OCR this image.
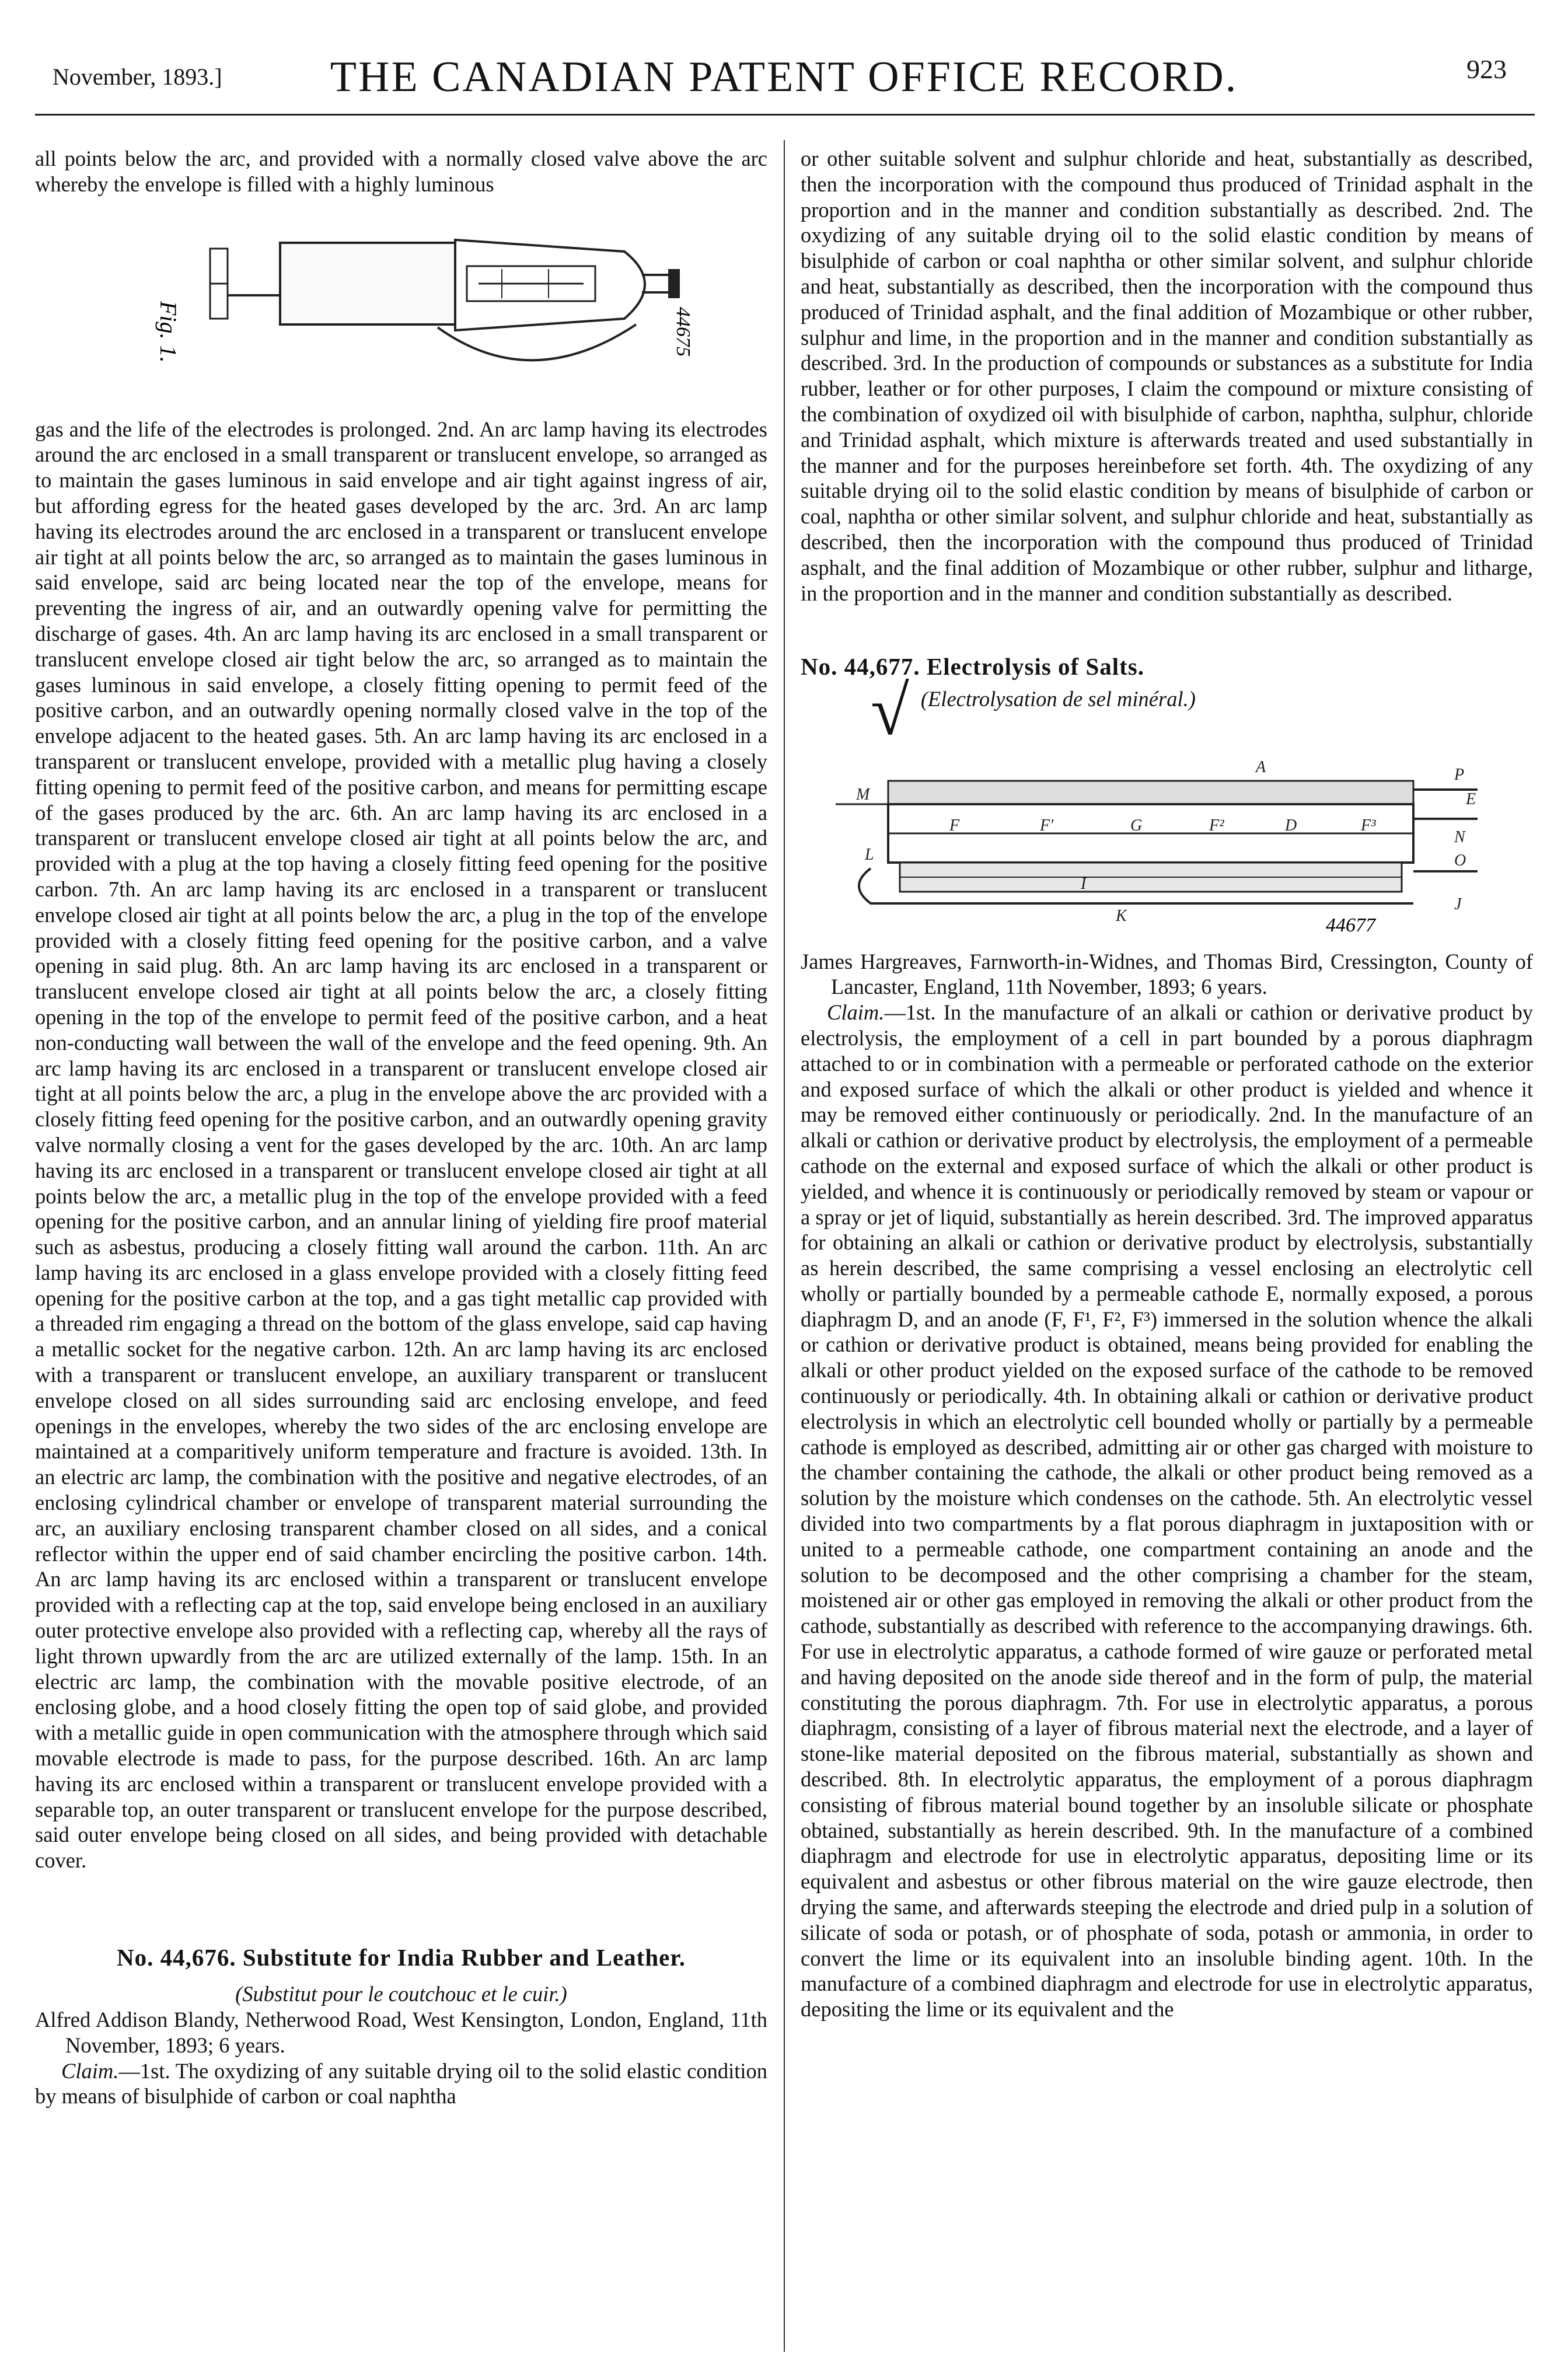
November, 1893.]	THE CANADIAN PATENT OFFICE RECORD.	923

all points below the arc, and provided with a normally closed valve above the arc whereby the envelope is filled with a highly luminous

Fig. 1.	44675

gas and the life of the electrodes is prolonged. 2nd. An arc lamp having its electrodes around the arc enclosed in a small transparent or translucent envelope, so arranged as to maintain the gases luminous in said envelope and air tight against ingress of air, but affording egress for the heated gases developed by the arc. 3rd. An arc lamp having its electrodes around the arc enclosed in a transparent or translucent envelope air tight at all points below the arc, so arranged as to maintain the gases luminous in said envelope, said arc being located near the top of the envelope, means for preventing the ingress of air, and an outwardly opening valve for permitting the discharge of gases. 4th. An arc lamp having its arc enclosed in a small transparent or translucent envelope closed air tight below the arc, so arranged as to maintain the gases luminous in said envelope, a closely fitting opening to permit feed of the positive carbon, and an outwardly opening normally closed valve in the top of the envelope adjacent to the heated gases. 5th. An arc lamp having its arc enclosed in a transparent or translucent envelope, provided with a metallic plug having a closely fitting opening to permit feed of the positive carbon, and means for permitting escape of the gases produced by the arc. 6th. An arc lamp having its arc enclosed in a transparent or translucent envelope closed air tight at all points below the arc, and provided with a plug at the top having a closely fitting feed opening for the positive carbon. 7th. An arc lamp having its arc enclosed in a transparent or translucent envelope closed air tight at all points below the arc, a plug in the top of the envelope provided with a closely fitting feed opening for the positive carbon, and a valve opening in said plug. 8th. An arc lamp having its arc enclosed in a transparent or translucent envelope closed air tight at all points below the arc, a closely fitting opening in the top of the envelope to permit feed of the positive carbon, and a heat non-conducting wall between the wall of the envelope and the feed opening. 9th. An arc lamp having its arc enclosed in a transparent or translucent envelope closed air tight at all points below the arc, a plug in the envelope above the arc provided with a closely fitting feed opening for the positive carbon, and an outwardly opening gravity valve normally closing a vent for the gases developed by the arc. 10th. An arc lamp having its arc enclosed in a transparent or translucent envelope closed air tight at all points below the arc, a metallic plug in the top of the envelope provided with a feed opening for the positive carbon, and an annular lining of yielding fire proof material such as asbestus, producing a closely fitting wall around the carbon. 11th. An arc lamp having its arc enclosed in a glass envelope provided with a closely fitting feed opening for the positive carbon at the top, and a gas tight metallic cap provided with a threaded rim engaging a thread on the bottom of the glass envelope, said cap having a metallic socket for the negative carbon. 12th. An arc lamp having its arc enclosed with a transparent or translucent envelope, an auxiliary transparent or translucent envelope closed on all sides surrounding said arc enclosing envelope, and feed openings in the envelopes, whereby the two sides of the arc enclosing envelope are maintained at a comparitively uniform temperature and fracture is avoided. 13th. In an electric arc lamp, the combination with the positive and negative electrodes, of an enclosing cylindrical chamber or envelope of transparent material surrounding the arc, an auxiliary enclosing transparent chamber closed on all sides, and a conical reflector within the upper end of said chamber encircling the positive carbon. 14th. An arc lamp having its arc enclosed within a transparent or translucent envelope provided with a reflecting cap at the top, said envelope being enclosed in an auxiliary outer protective envelope also provided with a reflecting cap, whereby all the rays of light thrown upwardly from the arc are utilized externally of the lamp. 15th. In an electric arc lamp, the combination with the movable positive electrode, of an enclosing globe, and a hood closely fitting the open top of said globe, and provided with a metallic guide in open communication with the atmosphere through which said movable electrode is made to pass, for the purpose described. 16th. An arc lamp having its arc enclosed within a transparent or translucent envelope provided with a separable top, an outer transparent or translucent envelope for the purpose described, said outer envelope being closed on all sides, and being provided with detachable cover.

No. 44,676. Substitute for India Rubber and Leather.
(Substitut pour le coutchouc et le cuir.)

Alfred Addison Blandy, Netherwood Road, West Kensington, London, England, 11th November, 1893; 6 years.

Claim.—1st. The oxydizing of any suitable drying oil to the solid elastic condition by means of bisulphide of carbon or coal naphtha

or other suitable solvent and sulphur chloride and heat, substantially as described, then the incorporation with the compound thus produced of Trinidad asphalt in the proportion and in the manner and condition substantially as described. 2nd. The oxydizing of any suitable drying oil to the solid elastic condition by means of bisulphide of carbon or coal naphtha or other similar solvent, and sulphur chloride and heat, substantially as described, then the incorporation with the compound thus produced of Trinidad asphalt, and the final addition of Mozambique or other rubber, sulphur and lime, in the proportion and in the manner and condition substantially as described. 3rd. In the production of compounds or substances as a substitute for India rubber, leather or for other purposes, I claim the compound or mixture consisting of the combination of oxydized oil with bisulphide of carbon, naphtha, sulphur, chloride and Trinidad asphalt, which mixture is afterwards treated and used substantially in the manner and for the purposes hereinbefore set forth. 4th. The oxydizing of any suitable drying oil to the solid elastic condition by means of bisulphide of carbon or coal, naphtha or other similar solvent, and sulphur chloride and heat, substantially as described, then the incorporation with the compound thus produced of Trinidad asphalt, and the final addition of Mozambique or other rubber, sulphur and litharge, in the proportion and in the manner and condition substantially as described.

No. 44,677. Electrolysis of Salts.
√ (Electrolysation de sel minéral.)
M
A	P
E
F	F'	G	F²	D	F³
N
L	O
I
K
J
44677

James Hargreaves, Farnworth-in-Widnes, and Thomas Bird, Cressington, County of Lancaster, England, 11th November, 1893; 6 years.

Claim.—1st. In the manufacture of an alkali or cathion or derivative product by electrolysis, the employment of a cell in part bounded by a porous diaphragm attached to or in combination with a permeable or perforated cathode on the exterior and exposed surface of which the alkali or other product is yielded and whence it may be removed either continuously or periodically. 2nd. In the manufacture of an alkali or cathion or derivative product by electrolysis, the employment of a permeable cathode on the external and exposed surface of which the alkali or other product is yielded, and whence it is continuously or periodically removed by steam or vapour or a spray or jet of liquid, substantially as herein described. 3rd. The improved apparatus for obtaining an alkali or cathion or derivative product by electrolysis, substantially as herein described, the same comprising a vessel enclosing an electrolytic cell wholly or partially bounded by a permeable cathode E, normally exposed, a porous diaphragm D, and an anode (F, F¹, F², F³) immersed in the solution whence the alkali or cathion or derivative product is obtained, means being provided for enabling the alkali or other product yielded on the exposed surface of the cathode to be removed continuously or periodically. 4th. In obtaining alkali or cathion or derivative product electrolysis in which an electrolytic cell bounded wholly or partially by a permeable cathode is employed as described, admitting air or other gas charged with moisture to the chamber containing the cathode, the alkali or other product being removed as a solution by the moisture which condenses on the cathode. 5th. An electrolytic vessel divided into two compartments by a flat porous diaphragm in juxtaposition with or united to a permeable cathode, one compartment containing an anode and the solution to be decomposed and the other comprising a chamber for the steam, moistened air or other gas employed in removing the alkali or other product from the cathode, substantially as described with reference to the accompanying drawings. 6th. For use in electrolytic apparatus, a cathode formed of wire gauze or perforated metal and having deposited on the anode side thereof and in the form of pulp, the material constituting the porous diaphragm. 7th. For use in electrolytic apparatus, a porous diaphragm, consisting of a layer of fibrous material next the electrode, and a layer of stone-like material deposited on the fibrous material, substantially as shown and described. 8th. In electrolytic apparatus, the employment of a porous diaphragm consisting of fibrous material bound together by an insoluble silicate or phosphate obtained, substantially as herein described. 9th. In the manufacture of a combined diaphragm and electrode for use in electrolytic apparatus, depositing lime or its equivalent and asbestus or other fibrous material on the wire gauze electrode, then drying the same, and afterwards steeping the electrode and dried pulp in a solution of silicate of soda or potash, or of phosphate of soda, potash or ammonia, in order to convert the lime or its equivalent into an insoluble binding agent. 10th. In the manufacture of a combined diaphragm and electrode for use in electrolytic apparatus, depositing the lime or its equivalent and the
